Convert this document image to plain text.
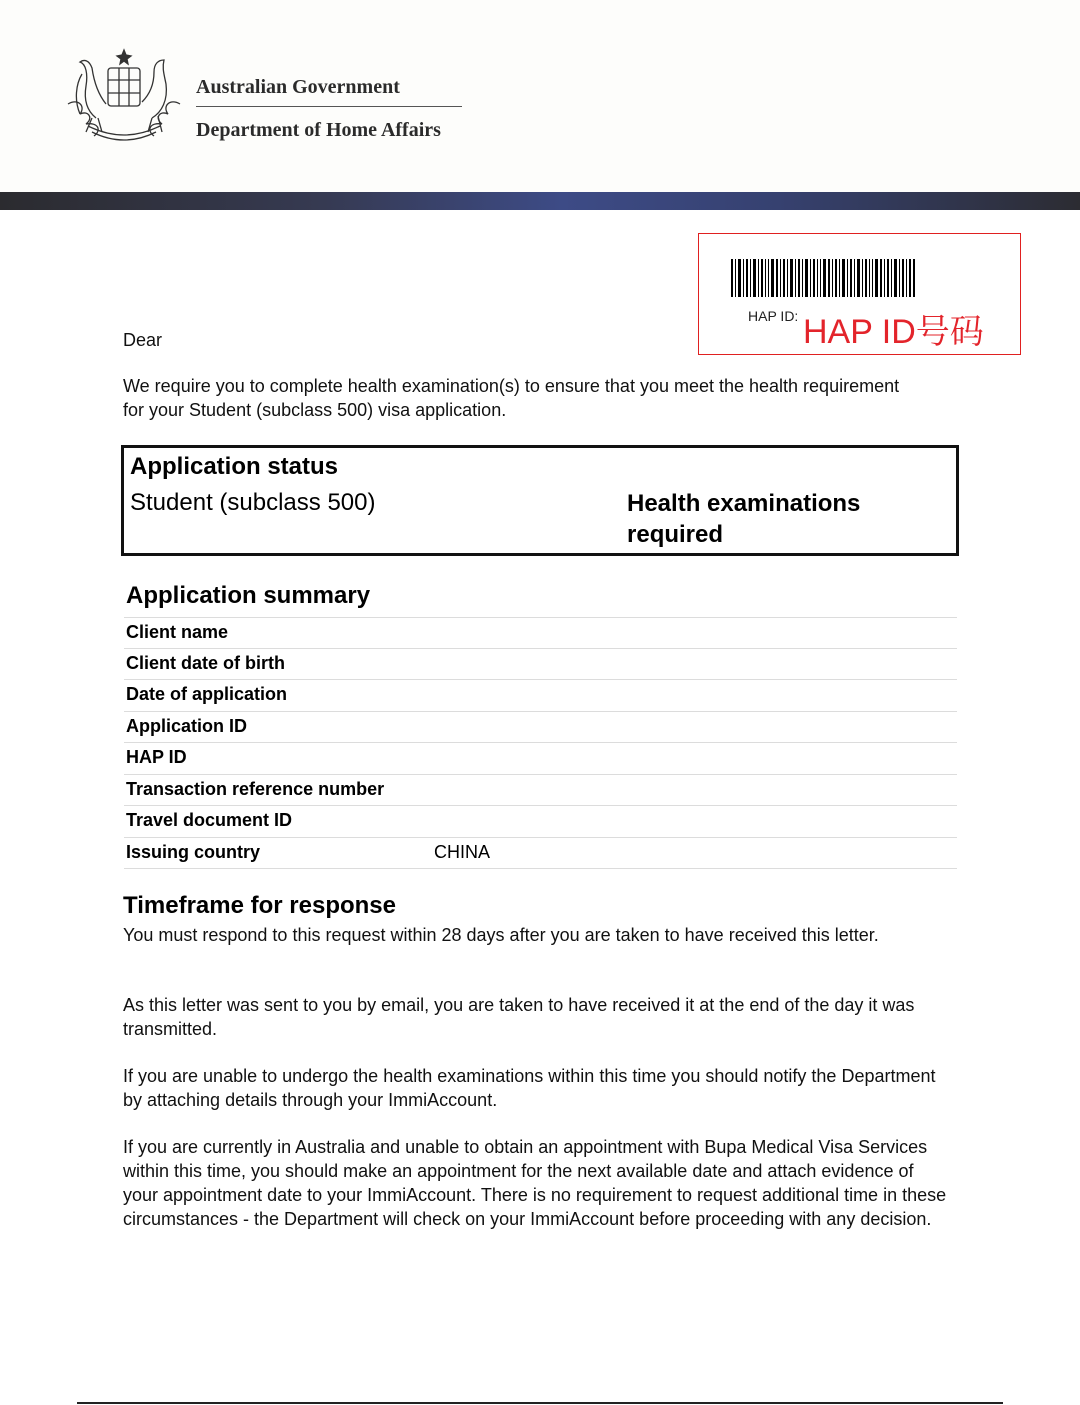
Australian Government
Department of Home Affairs
HAP ID: HAP ID号码
Dear
We require you to complete health examination(s) to ensure that you meet the health requirement for your Student (subclass 500) visa application.
Application status
Student (subclass 500)	Health examinations required
Application summary
Client name
Client date of birth
Date of application
Application ID
HAP ID
Transaction reference number
Travel document ID
Issuing country	CHINA
Timeframe for response
You must respond to this request within 28 days after you are taken to have received this letter.
As this letter was sent to you by email, you are taken to have received it at the end of the day it was transmitted.
If you are unable to undergo the health examinations within this time you should notify the Department by attaching details through your ImmiAccount.
If you are currently in Australia and unable to obtain an appointment with Bupa Medical Visa Services within this time, you should make an appointment for the next available date and attach evidence of your appointment date to your ImmiAccount. There is no requirement to request additional time in these circumstances - the Department will check on your ImmiAccount before proceeding with any decision.
